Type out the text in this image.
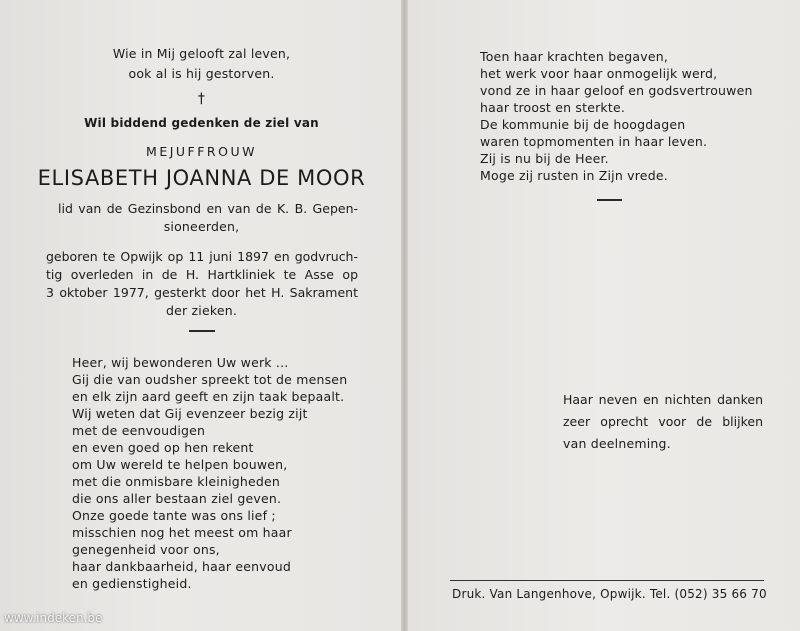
Wie in Mij gelooft zal leven,
ook al is hij gestorven.
†
Wil biddend gedenken de ziel van
MEJUFFROUW
ELISABETH JOANNA DE MOOR
lid van de Gezinsbond en van de K. B. Gepen-
sioneerden,
geboren te Opwijk op 11 juni 1897 en godvruch-
tig overleden in de H. Hartkliniek te Asse op
3 oktober 1977, gesterkt door het H. Sakrament
der zieken.
Heer, wij bewonderen Uw werk ...
Gij die van oudsher spreekt tot de mensen
en elk zijn aard geeft en zijn taak bepaalt.
Wij weten dat Gij evenzeer bezig zijt
met de eenvoudigen
en even goed op hen rekent
om Uw wereld te helpen bouwen,
met die onmisbare kleinigheden
die ons aller bestaan ziel geven.
Onze goede tante was ons lief ;
misschien nog het meest om haar
genegenheid voor ons,
haar dankbaarheid, haar eenvoud
en gedienstigheid.
Toen haar krachten begaven,
het werk voor haar onmogelijk werd,
vond ze in haar geloof en godsvertrouwen
haar troost en sterkte.
De kommunie bij de hoogdagen
waren topmomenten in haar leven.
Zij is nu bij de Heer.
Moge zij rusten in Zijn vrede.
Haar neven en nichten danken
zeer oprecht voor de blijken
van deelneming.
Druk. Van Langenhove, Opwijk. Tel. (052) 35 66 70
www.indeken.be
